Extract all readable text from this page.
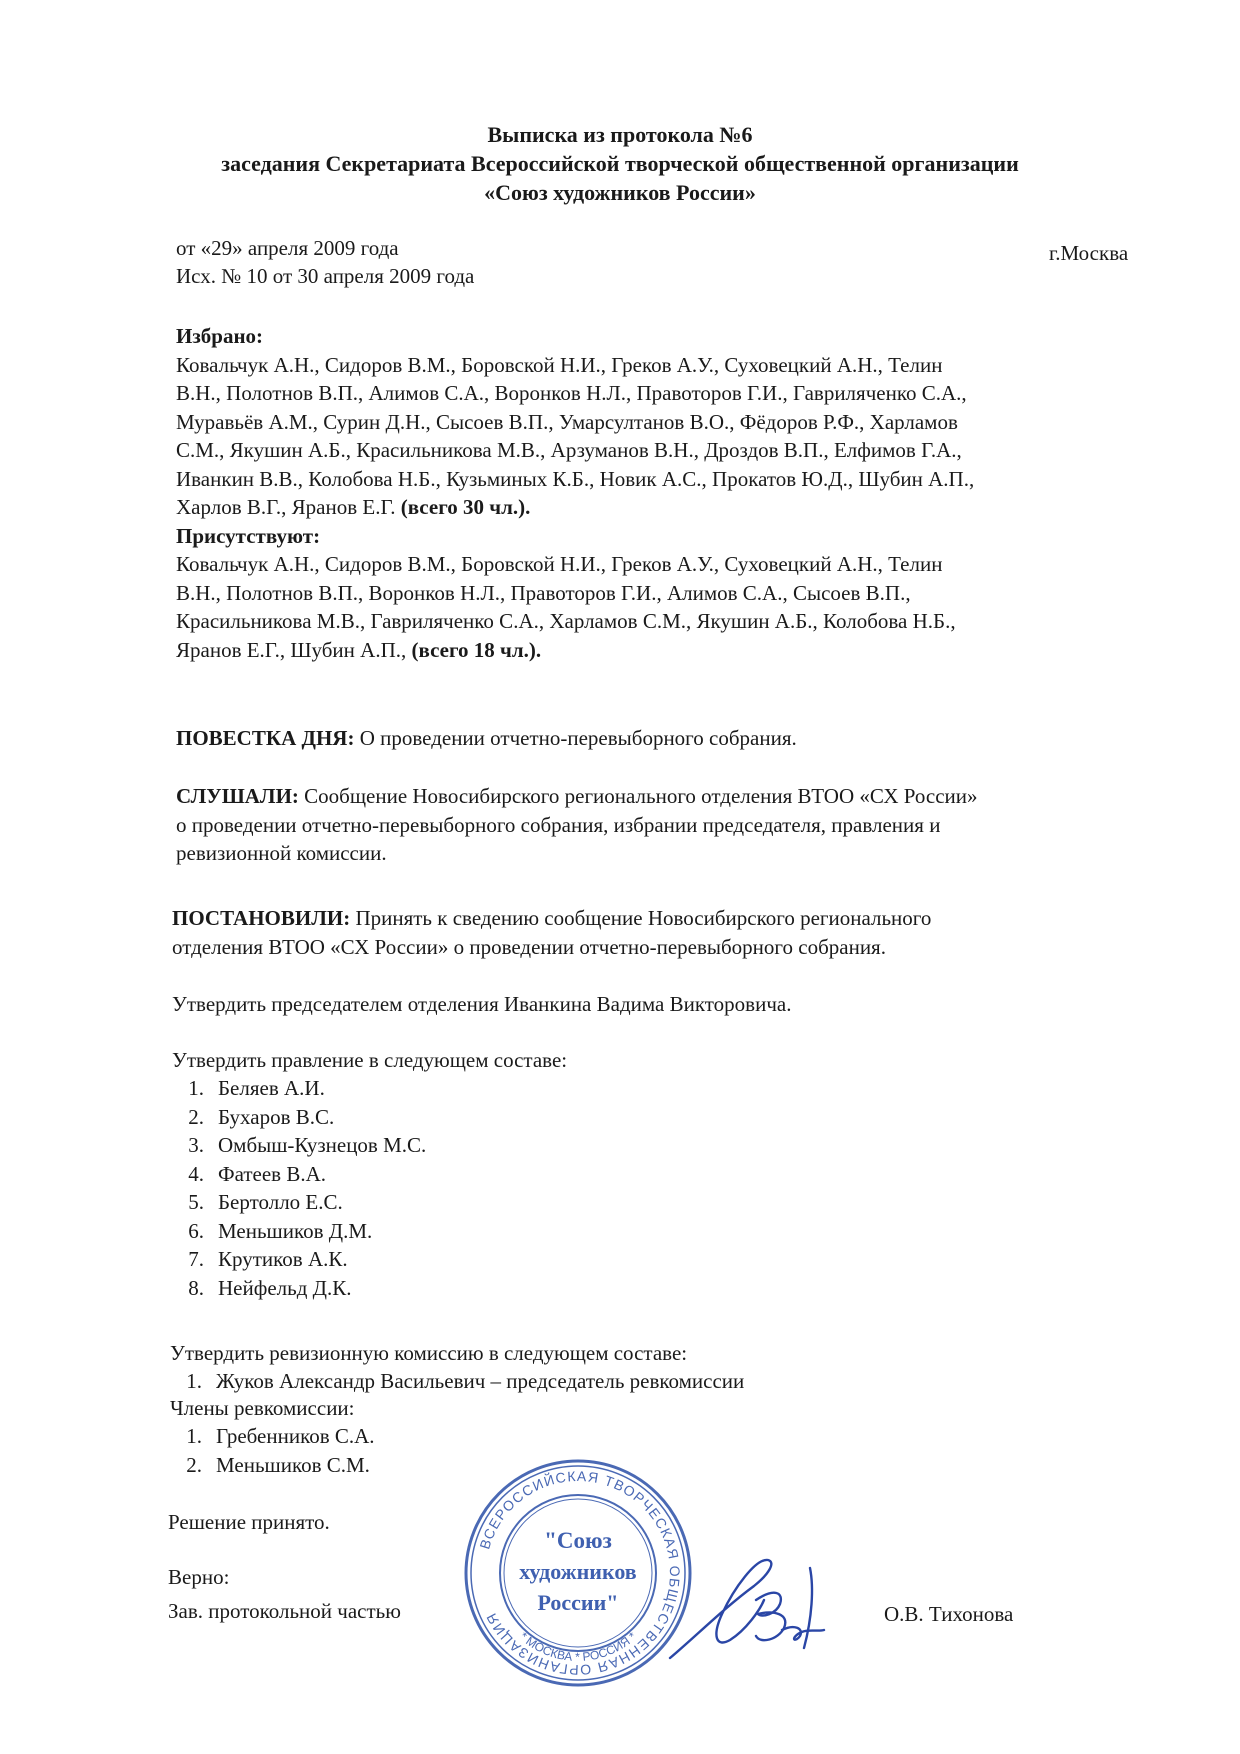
Выписка из протокола №6
заседания Секретариата Всероссийской творческой общественной организации
«Союз художников России»
от «29» апреля 2009 года
Исх. № 10 от 30 апреля 2009 года
г.Москва
Избрано:
Ковальчук А.Н., Сидоров В.М., Боровской Н.И., Греков А.У., Суховецкий А.Н., Телин
В.Н., Полотнов В.П., Алимов С.А., Воронков Н.Л., Правоторов Г.И., Гавриляченко С.А.,
Муравьёв А.М., Сурин Д.Н., Сысоев В.П., Умарсултанов В.О., Фёдоров Р.Ф., Харламов
С.М., Якушин А.Б., Красильникова М.В., Арзуманов В.Н., Дроздов В.П., Елфимов Г.А.,
Иванкин В.В., Колобова Н.Б., Кузьминых К.Б., Новик А.С., Прокатов Ю.Д., Шубин А.П.,
Харлов В.Г., Яранов Е.Г. (всего 30 чл.).
Присутствуют:
Ковальчук А.Н., Сидоров В.М., Боровской Н.И., Греков А.У., Суховецкий А.Н., Телин
В.Н., Полотнов В.П., Воронков Н.Л., Правоторов Г.И., Алимов С.А., Сысоев В.П.,
Красильникова М.В., Гавриляченко С.А., Харламов С.М., Якушин А.Б., Колобова Н.Б.,
Яранов Е.Г., Шубин А.П., (всего 18 чл.).
ПОВЕСТКА ДНЯ: О проведении отчетно-перевыборного собрания.
СЛУШАЛИ: Сообщение Новосибирского регионального отделения ВТОО «СХ России»
о проведении отчетно-перевыборного собрания, избрании председателя, правления и
ревизионной комиссии.
ПОСТАНОВИЛИ: Принять к сведению сообщение Новосибирского регионального
отделения ВТОО «СХ России» о проведении отчетно-перевыборного собрания.
Утвердить председателем отделения Иванкина Вадима Викторовича.
Утвердить правление в следующем составе:
1. Беляев А.И.
2. Бухаров В.С.
3. Омбыш-Кузнецов М.С.
4. Фатеев В.А.
5. Бертолло Е.С.
6. Меньшиков Д.М.
7. Крутиков А.К.
8. Нейфельд Д.К.
Утвердить ревизионную комиссию в следующем составе:
1. Жуков Александр Васильевич – председатель ревкомиссии
Члены ревкомиссии:
1. Гребенников С.А.
2. Меньшиков С.М.
Решение принято.
Верно:
Зав. протокольной частью	О.В. Тихонова
ВСЕРОССИЙСКАЯ ТВОРЧЕСКАЯ ОБЩЕСТВЕННАЯ ОРГАНИЗАЦИЯ
* МОСКВА * РОССИЯ *
"Союз
художников
России"
